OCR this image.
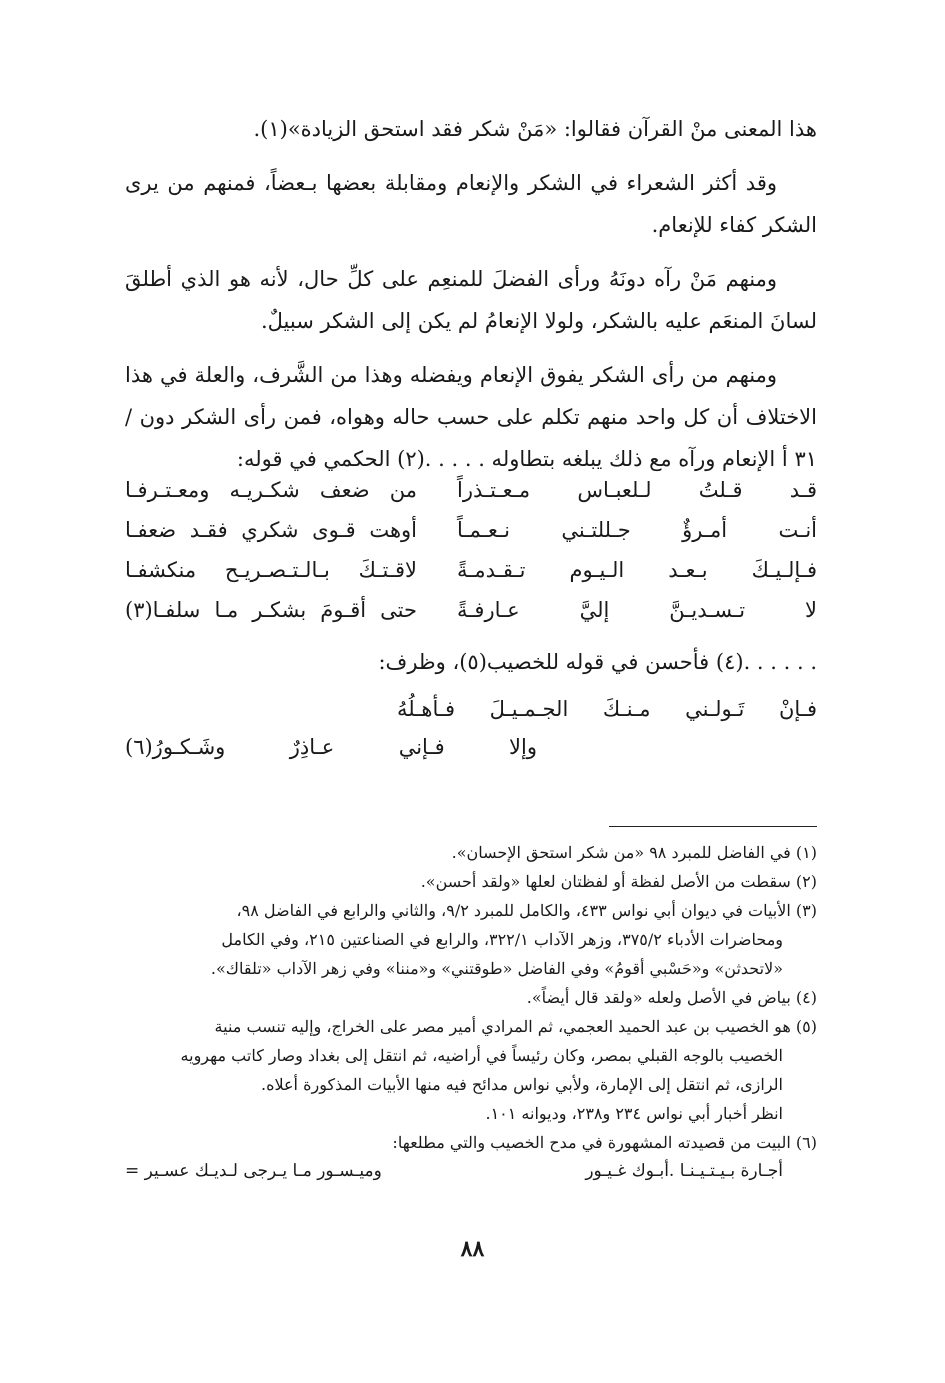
هذا المعنى منْ القرآن فقالوا: «مَنْ شكر فقد استحق الزيادة»(١).

وقد أكثر الشعراء في الشكر والإنعام ومقابلة بعضها بـعضاً، فمنهم من يرى الشكر كفاء للإنعام.

ومنهم مَنْ رآه دونَهُ ورأى الفضلَ للمنعِم على كلِّ حال، لأنه هو الذي أطلقَ لسانَ المنعَم عليه بالشكر، ولولا الإنعامُ لم يكن إلى الشكر سبيلٌ.

ومنهم من رأى الشكر يفوق الإنعام ويفضله وهذا من الشَّرف، والعلة في هذا الاختلاف أن كل واحد منهم تكلم على حسب حاله وهواه، فمن رأى الشكر دون /٣١ أ الإنعام ورآه مع ذلك يبلغه بتطاوله . . . . .(٢) الحكمي في قوله:

قـد قـلتُ لـلعبـاس مـعـتـذراً
من ضعف شكـريـه ومعـتـرفـا
أنـت أمـرؤٌ جـللتـني نـعـمـاً
أوهت قـوى شكري فقـد ضعفـا
فـإلـيـكَ بـعـد الـيـوم تـقـدمـةً
لاقـتـكَ بـالـتـصـريـح منكشفـا
لا تـسـديـنَّ إليَّ عـارفـةً
حتى أقـومَ بشكـر مـا سلفـا(٣)
. . . . . .(٤) فأحسن في قوله للخصيب(٥)، وظرف:
فـإنْ تَـولـني مـنـكَ الجـمـيـلَ فـأهـلُهُ
وإلا
فـإني
عـاذِرٌ
وشَـكـورُ(٦)

(١) في الفاضل للمبرد ٩٨ «من شكر استحق الإحسان».

(٢) سقطت من الأصل لفظة أو لفظتان لعلها «ولقد أحسن».

(٣) الأبيات في ديوان أبي نواس ٤٣٣، والكامل للمبرد ٩/٢، والثاني والرابع في الفاضل ٩٨،
ومحاضرات الأدباء ٣٧٥/٢، وزهر الآداب ٣٢٢/١، والرابع في الصناعتين ٢١٥، وفي الكامل
«لاتحدثن» و«حَسْبي أقومُ» وفي الفاضل «طوقتني» و«مننا» وفي زهر الآداب «تلقاك».

(٤) بياض في الأصل ولعله «ولقد قال أيضاً».

(٥) هو الخصيب بن عبد الحميد العجمي، ثم المرادي أمير مصر على الخراج، وإليه تنسب منية
الخصيب بالوجه القبلي بمصر، وكان رئيساً في أراضيه، ثم انتقل إلى بغداد وصار كاتب مهرويه
الرازى، ثم انتقل إلى الإمارة، ولأبي نواس مدائح فيه منها الأبيات المذكورة أعلاه.
انظر أخبار أبي نواس ٢٣٤ و٢٣٨، وديوانه ١٠١.

(٦) البيت من قصيدته المشهورة في مدح الخصيب والتي مطلعها:

أجـارة بـيـتـيـنـا .أبـوك غـيـور
وميـسـور مـا يـرجى لـديـك عسـير =
٨٨
